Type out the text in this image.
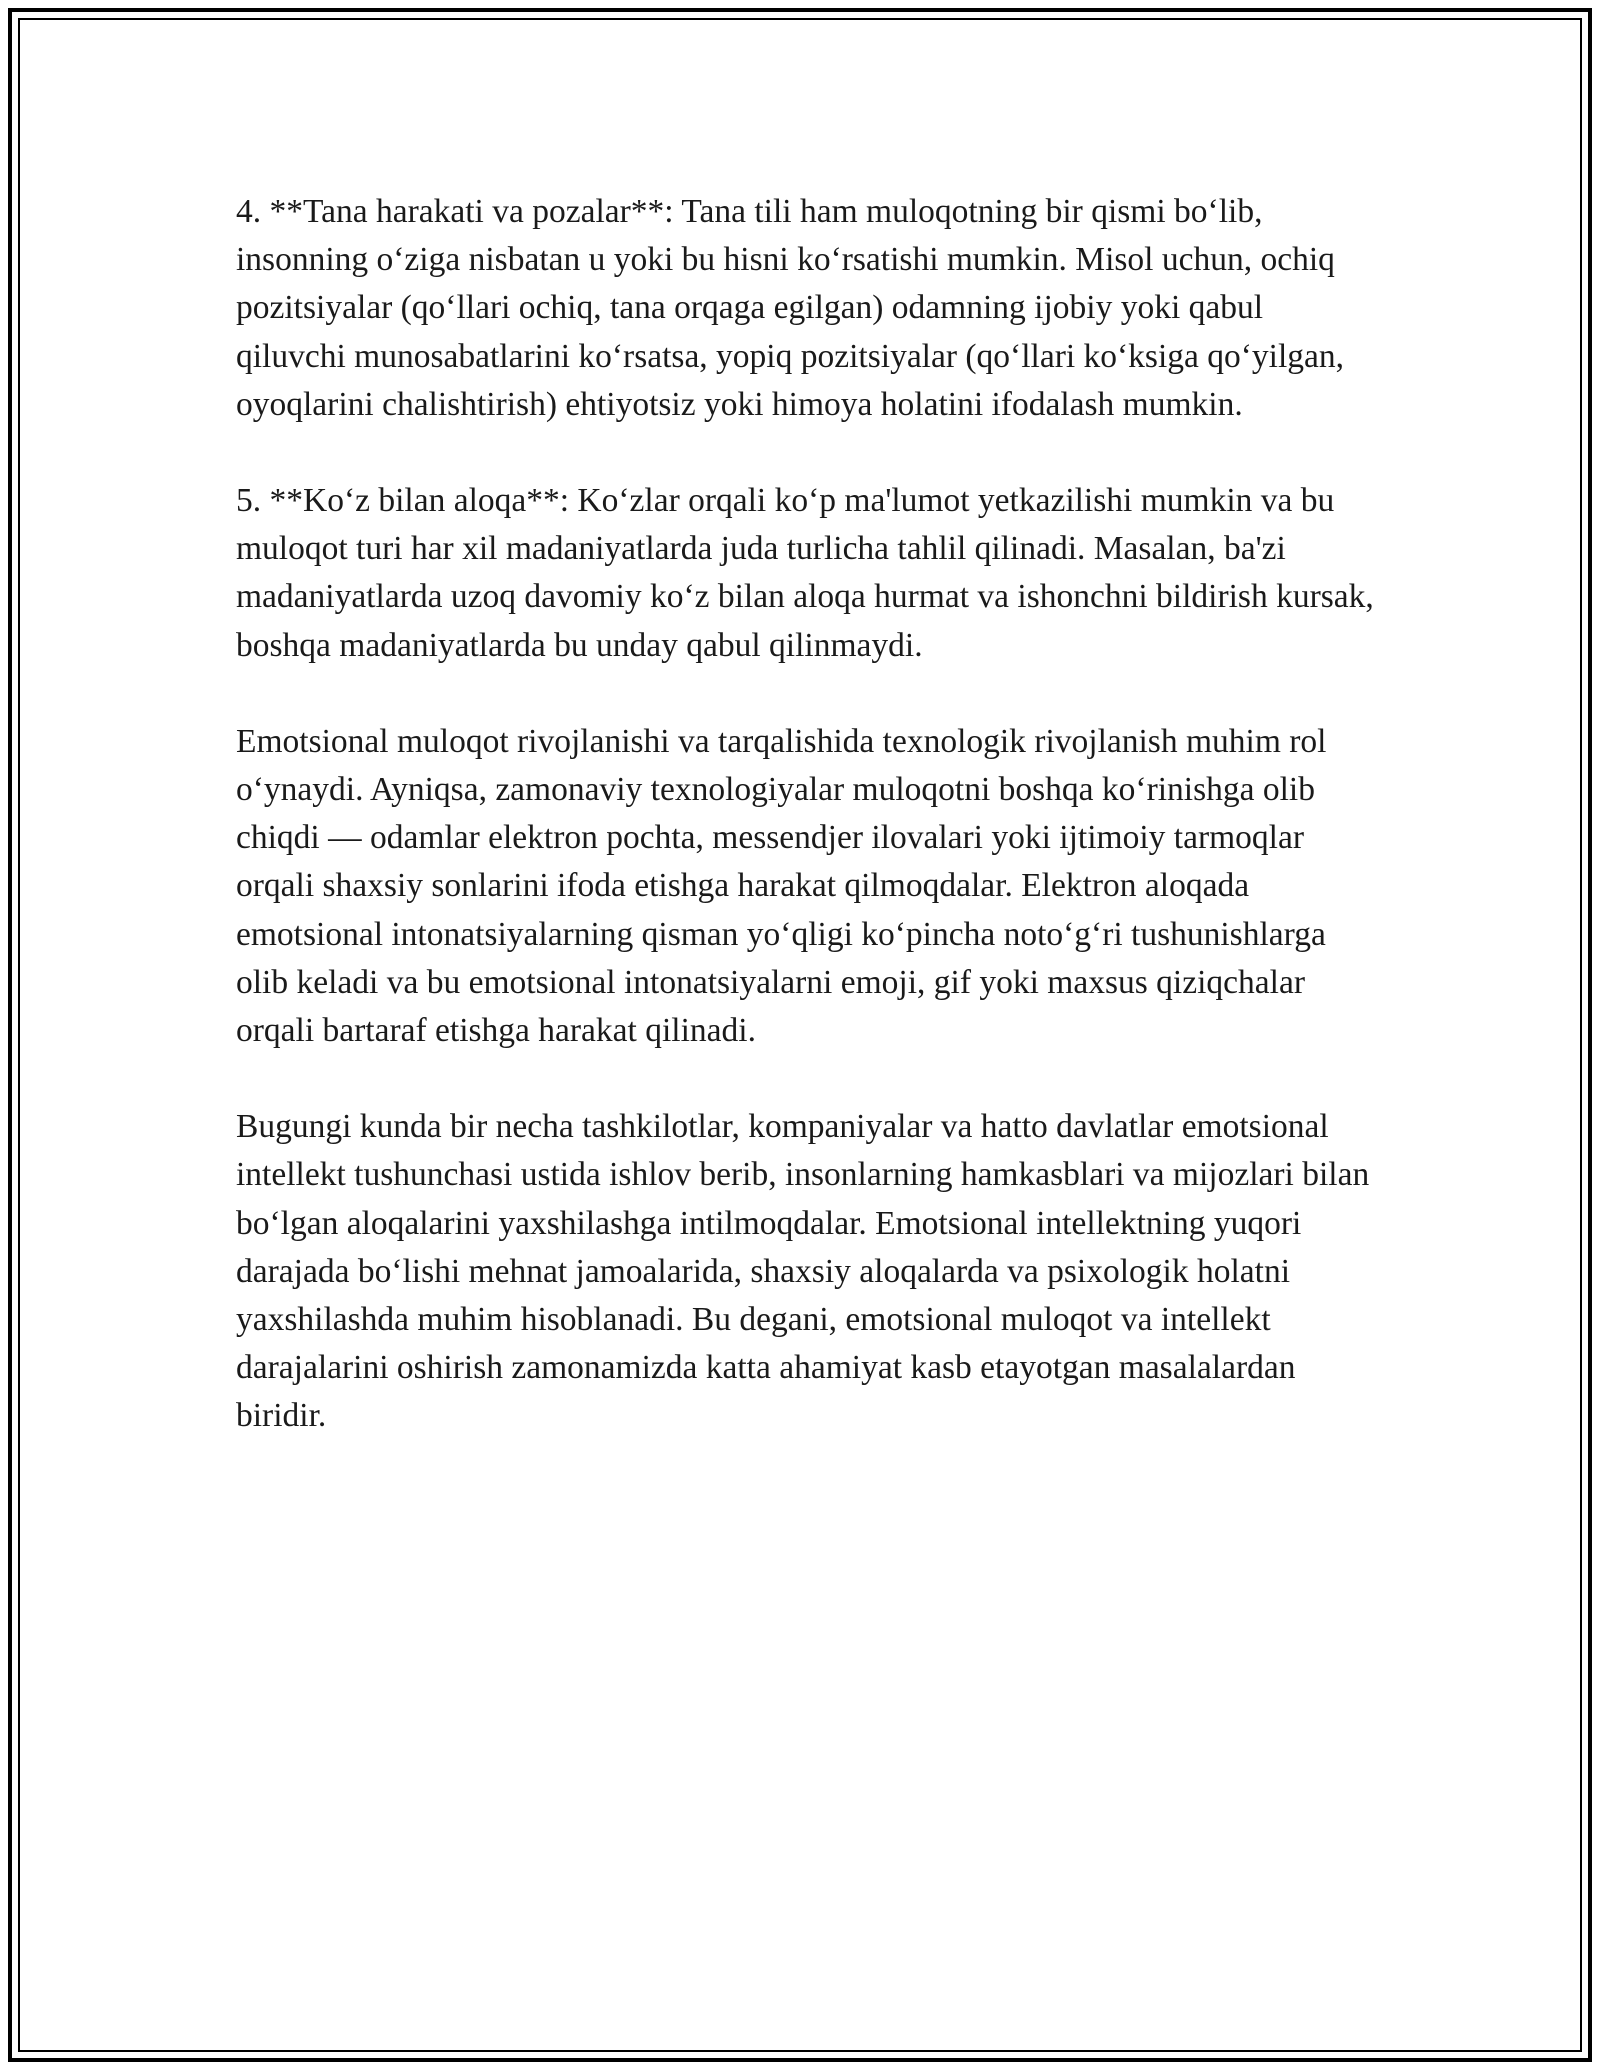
4. **Tana harakati va pozalar**: Tana tili ham muloqotning bir qismi bo‘lib, insonning o‘ziga nisbatan u yoki bu hisni ko‘rsatishi mumkin. Misol uchun, ochiq pozitsiyalar (qo‘llari ochiq, tana orqaga egilgan) odamning ijobiy yoki qabul qiluvchi munosabatlarini ko‘rsatsa, yopiq pozitsiyalar (qo‘llari ko‘ksiga qo‘yilgan, oyoqlarini chalishtirish) ehtiyotsiz yoki himoya holatini ifodalash mumkin.

5. **Ko‘z bilan aloqa**: Ko‘zlar orqali ko‘p ma'lumot yetkazilishi mumkin va bu muloqot turi har xil madaniyatlarda juda turlicha tahlil qilinadi. Masalan, ba'zi madaniyatlarda uzoq davomiy ko‘z bilan aloqa hurmat va ishonchni bildirish kursak, boshqa madaniyatlarda bu unday qabul qilinmaydi.

Emotsional muloqot rivojlanishi va tarqalishida texnologik rivojlanish muhim rol o‘ynaydi. Ayniqsa, zamonaviy texnologiyalar muloqotni boshqa ko‘rinishga olib chiqdi — odamlar elektron pochta, messendjer ilovalari yoki ijtimoiy tarmoqlar orqali shaxsiy sonlarini ifoda etishga harakat qilmoqdalar. Elektron aloqada emotsional intonatsiyalarning qisman yo‘qligi ko‘pincha noto‘g‘ri tushunishlarga olib keladi va bu emotsional intonatsiyalarni emoji, gif yoki maxsus qiziqchalar orqali bartaraf etishga harakat qilinadi.

Bugungi kunda bir necha tashkilotlar, kompaniyalar va hatto davlatlar emotsional intellekt tushunchasi ustida ishlov berib, insonlarning hamkasblari va mijozlari bilan bo‘lgan aloqalarini yaxshilashga intilmoqdalar. Emotsional intellektning yuqori darajada bo‘lishi mehnat jamoalarida, shaxsiy aloqalarda va psixologik holatni yaxshilashda muhim hisoblanadi. Bu degani, emotsional muloqot va intellekt darajalarini oshirish zamonamizda katta ahamiyat kasb etayotgan masalalardan biridir.
